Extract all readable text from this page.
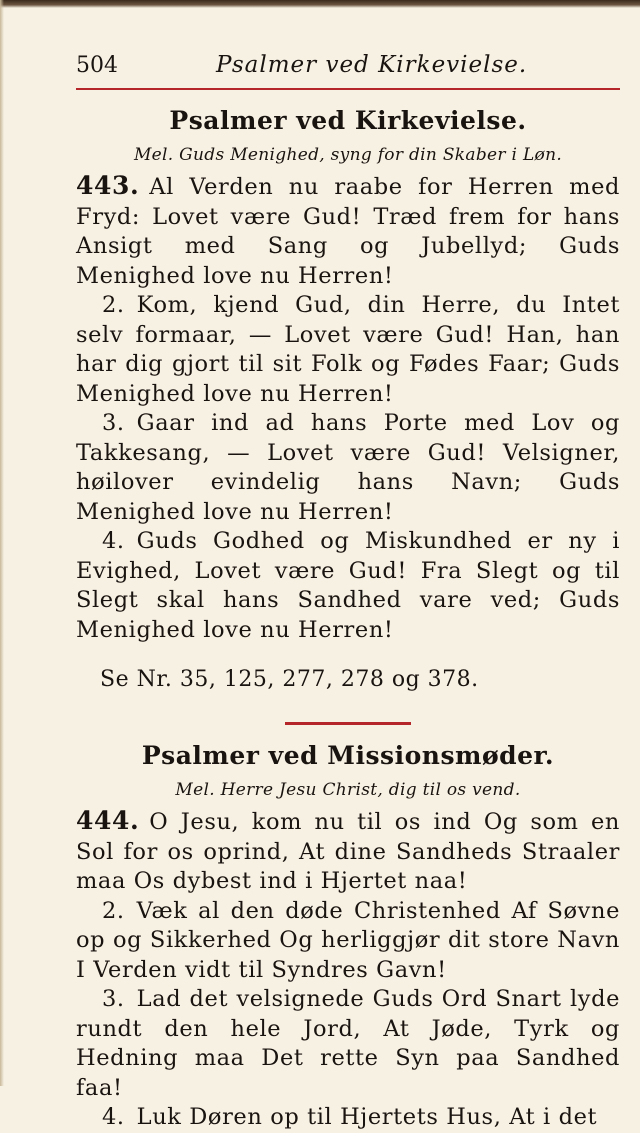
504	Psalmer ved Kirkevielse.
Psalmer ved Kirkevielse.
Mel. Guds Menighed, syng for din Skaber i Løn.

443. Al Verden nu raabe for Herren med Fryd: Lovet være Gud! Træd frem for hans Ansigt med Sang og Jubellyd; Guds Menighed love nu Herren!

2. Kom, kjend Gud, din Herre, du Intet selv formaar, — Lovet være Gud! Han, han har dig gjort til sit Folk og Fødes Faar; Guds Menighed love nu Herren!

3. Gaar ind ad hans Porte med Lov og Takkesang, — Lovet være Gud! Velsigner, høilover evindelig hans Navn; Guds Menighed love nu Herren!

4. Guds Godhed og Miskundhed er ny i Evighed, Lovet være Gud! Fra Slegt og til Slegt skal hans Sandhed vare ved; Guds Menighed love nu Herren!

Se Nr. 35, 125, 277, 278 og 378.
Psalmer ved Missionsmøder.
Mel. Herre Jesu Christ, dig til os vend.

444. O Jesu, kom nu til os ind Og som en Sol for os oprind, At dine Sandheds Straaler maa Os dybest ind i Hjertet naa!

2. Væk al den døde Christenhed Af Søvne op og Sikkerhed Og herliggjør dit store Navn I Verden vidt til Syndres Gavn!

3. Lad det velsignede Guds Ord Snart lyde rundt den hele Jord, At Jøde, Tyrk og Hedning maa Det rette Syn paa Sandhed faa!

4. Luk Døren op til Hjertets Hus, At i det
